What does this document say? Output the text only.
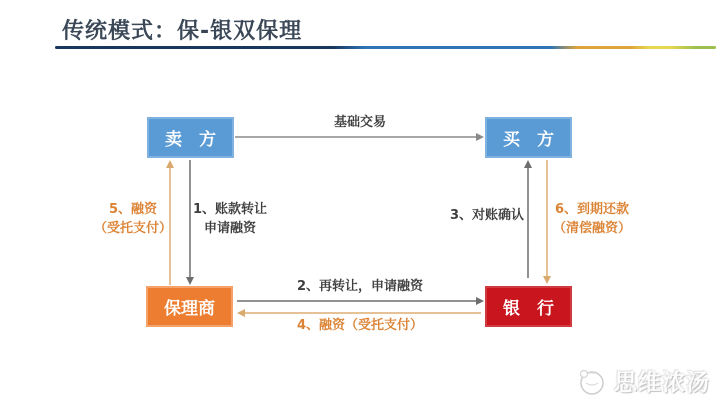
传统模式：保-银双保理
卖　方	买　方
保理商	银　行
基础交易
1、账款转让
申请融资
5、融资
（受托支付）
3、对账确认	6、到期还款
（清偿融资）
2、再转让，申请融资
4、融资（受托支付）
思维浓汤
